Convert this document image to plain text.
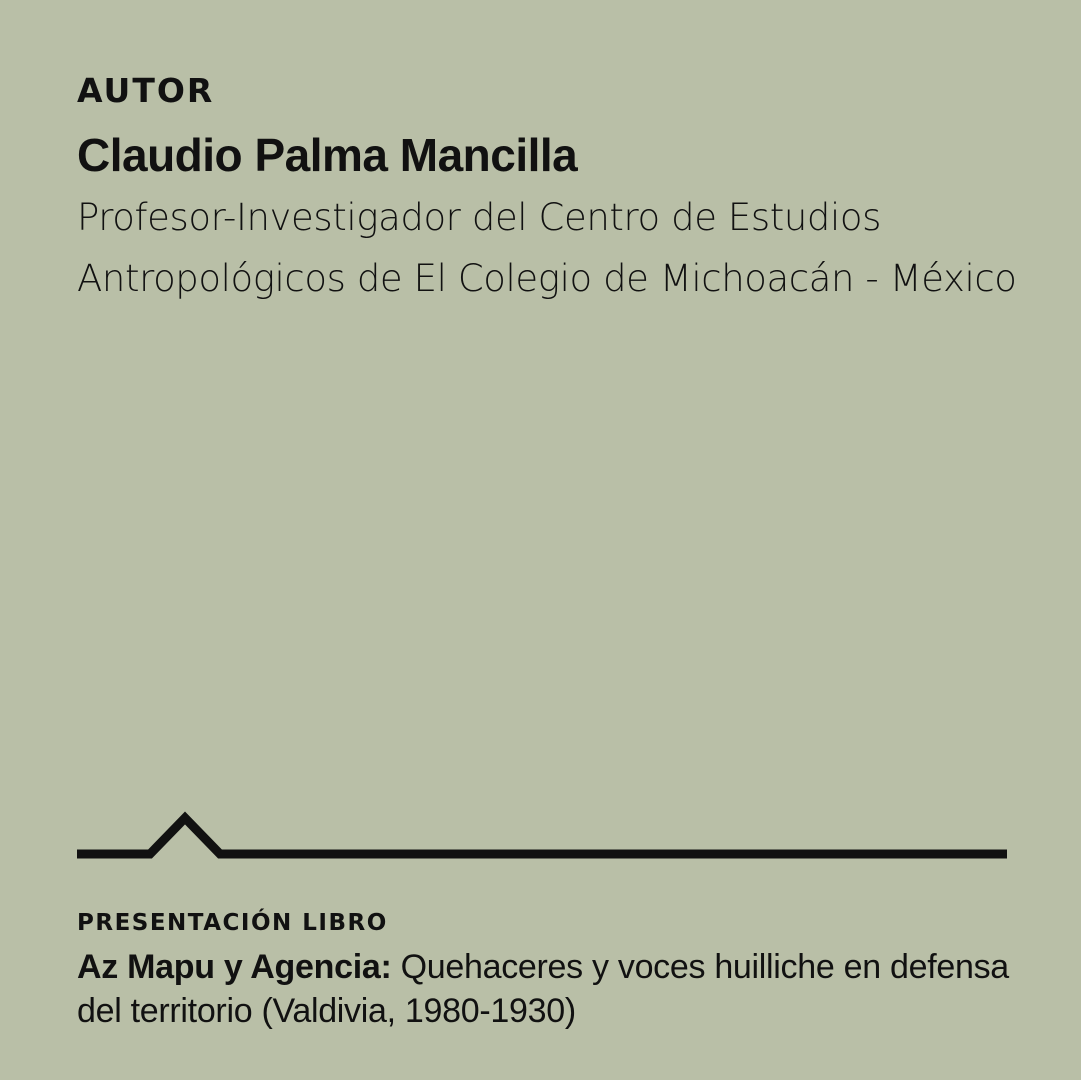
AUTOR
Claudio Palma Mancilla
Profesor-Investigador del Centro de Estudios
Antropológicos de El Colegio de Michoacán - México
PRESENTACIÓN LIBRO
Az Mapu y Agencia: Quehaceres y voces huilliche en defensa del territorio (Valdivia, 1980-1930)
